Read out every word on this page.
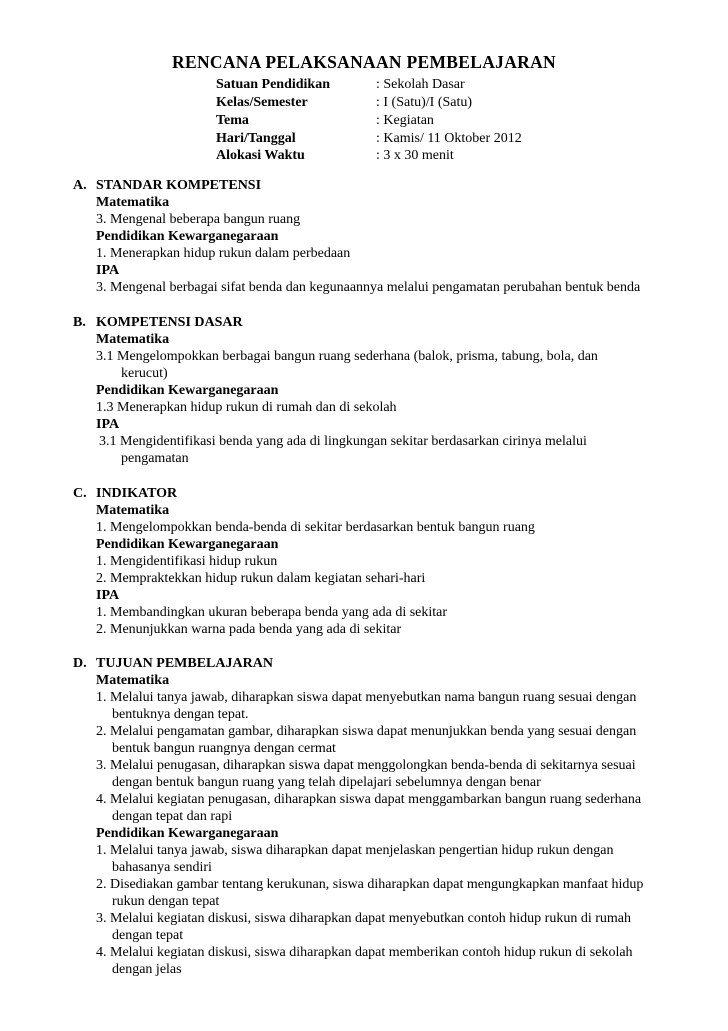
RENCANA PELAKSANAAN PEMBELAJARAN
Satuan Pendidikan	: Sekolah Dasar
Kelas/Semester	: I (Satu)/I (Satu)
Tema	: Kegiatan
Hari/Tanggal	: Kamis/ 11 Oktober 2012
Alokasi Waktu	: 3 x 30 menit
A. STANDAR KOMPETENSI
Matematika
3. Mengenal beberapa bangun ruang
Pendidikan Kewarganegaraan
1. Menerapkan hidup rukun dalam perbedaan
IPA
3. Mengenal berbagai sifat benda dan kegunaannya melalui pengamatan perubahan bentuk benda
B. KOMPETENSI DASAR
Matematika
3.1 Mengelompokkan berbagai bangun ruang sederhana (balok, prisma, tabung, bola, dan
kerucut)
Pendidikan Kewarganegaraan
1.3 Menerapkan hidup rukun di rumah dan di sekolah
IPA
3.1 Mengidentifikasi benda yang ada di lingkungan sekitar berdasarkan cirinya melalui
pengamatan
C. INDIKATOR
Matematika
1. Mengelompokkan benda-benda di sekitar berdasarkan bentuk bangun ruang
Pendidikan Kewarganegaraan
1. Mengidentifikasi hidup rukun
2. Mempraktekkan hidup rukun dalam kegiatan sehari-hari
IPA
1. Membandingkan ukuran beberapa benda yang ada di sekitar
2. Menunjukkan warna pada benda yang ada di sekitar
D. TUJUAN PEMBELAJARAN
Matematika
1. Melalui tanya jawab, diharapkan siswa dapat menyebutkan nama bangun ruang sesuai dengan
bentuknya dengan tepat.
2. Melalui pengamatan gambar, diharapkan siswa dapat menunjukkan benda yang sesuai dengan
bentuk bangun ruangnya dengan cermat
3. Melalui penugasan, diharapkan siswa dapat menggolongkan benda-benda di sekitarnya sesuai
dengan bentuk bangun ruang yang telah dipelajari sebelumnya dengan benar
4. Melalui kegiatan penugasan, diharapkan siswa dapat menggambarkan bangun ruang sederhana
dengan tepat dan rapi
Pendidikan Kewarganegaraan
1. Melalui tanya jawab, siswa diharapkan dapat menjelaskan pengertian hidup rukun dengan
bahasanya sendiri
2. Disediakan gambar tentang kerukunan, siswa diharapkan dapat mengungkapkan manfaat hidup
rukun dengan tepat
3. Melalui kegiatan diskusi, siswa diharapkan dapat menyebutkan contoh hidup rukun di rumah
dengan tepat
4. Melalui kegiatan diskusi, siswa diharapkan dapat memberikan contoh hidup rukun di sekolah
dengan jelas
